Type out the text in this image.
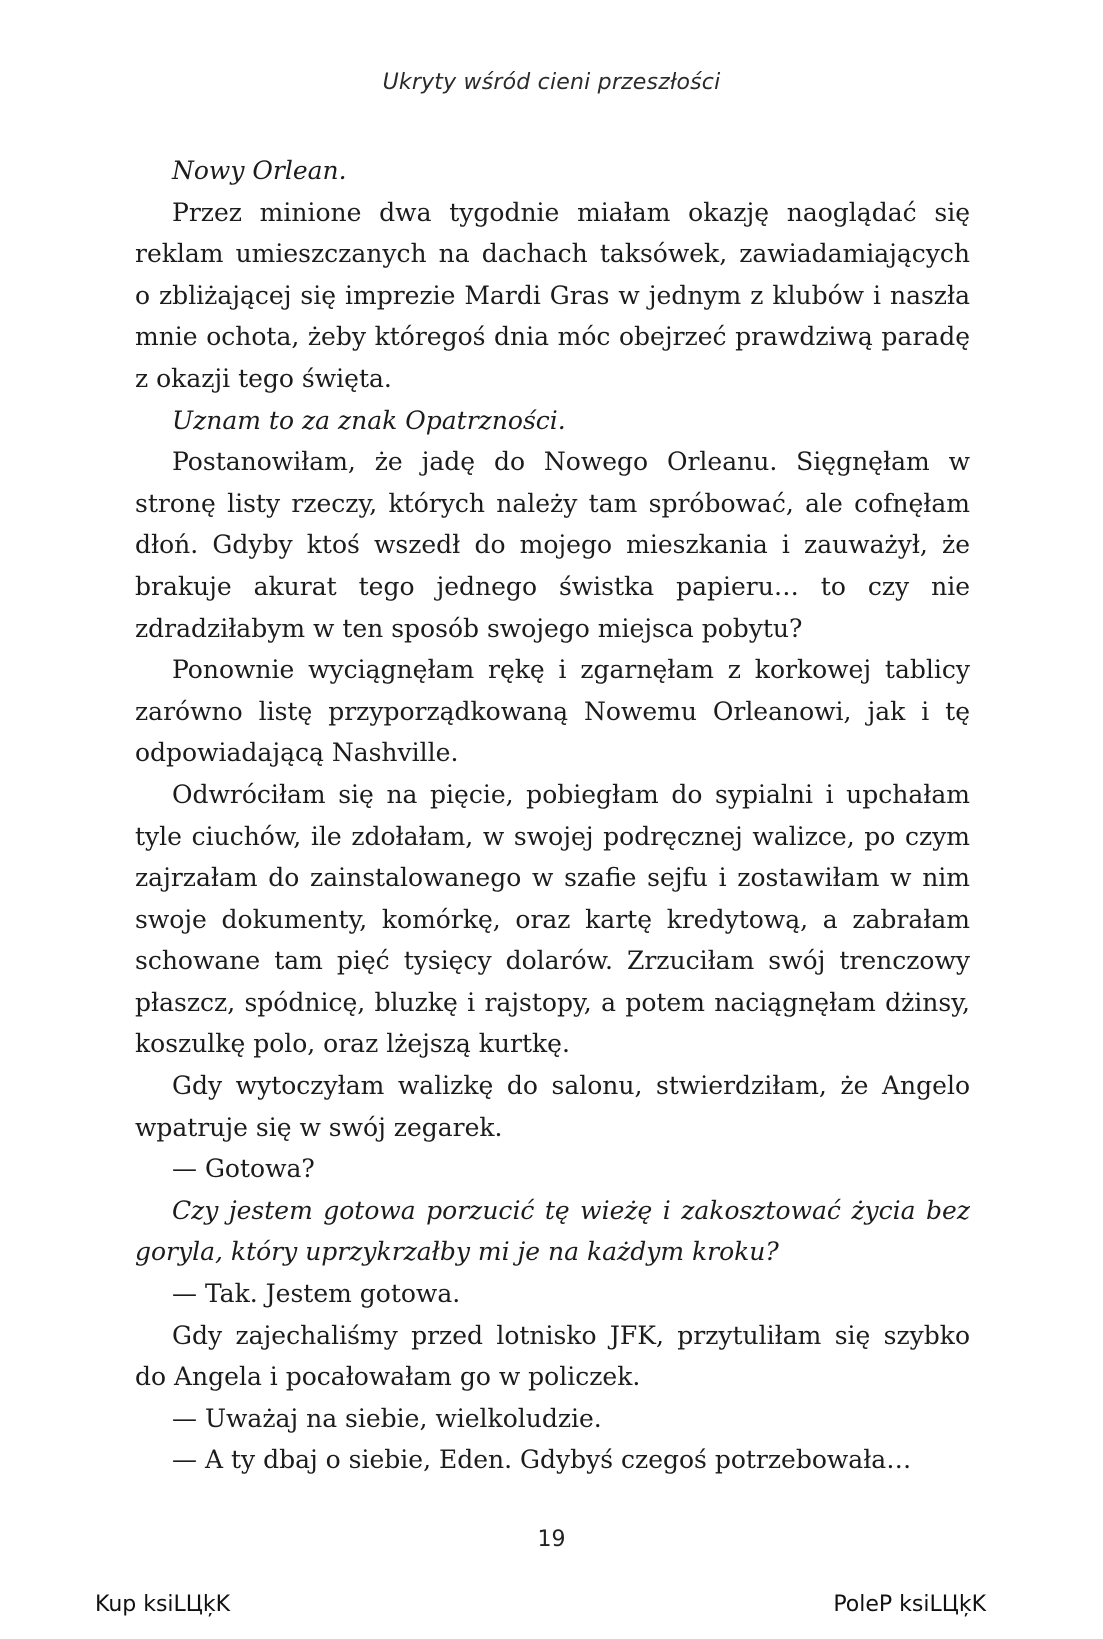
Ukryty wśród cieni przeszłości

Nowy Orlean.

Przez minione dwa tygodnie miałam okazję naoglądać się reklam umieszczanych na dachach taksówek, zawiadamiających o zbliżającej się imprezie Mardi Gras w jednym z klubów i naszła mnie ochota, żeby któregoś dnia móc obejrzeć prawdziwą paradę z okazji tego święta.

Uznam to za znak Opatrzności.

Postanowiłam, że jadę do Nowego Orleanu. Sięgnęłam w stronę listy rzeczy, których należy tam spróbować, ale cofnęłam dłoń. Gdyby ktoś wszedł do mojego mieszkania i zauważył, że brakuje akurat tego jednego świstka papieru… to czy nie zdradziłabym w ten sposób swojego miejsca pobytu?

Ponownie wyciągnęłam rękę i zgarnęłam z korkowej tablicy zarówno listę przyporządkowaną Nowemu Orleanowi, jak i tę odpowiadającą Nashville.

Odwróciłam się na pięcie, pobiegłam do sypialni i upchałam tyle ciuchów, ile zdołałam, w swojej podręcznej walizce, po czym zajrzałam do zainstalowanego w szafie sejfu i zostawiłam w nim swoje dokumenty, komórkę, oraz kartę kredytową, a zabrałam schowane tam pięć tysięcy dolarów. Zrzuciłam swój trenczowy płaszcz, spódnicę, bluzkę i rajstopy, a potem naciągnęłam dżinsy, koszulkę polo, oraz lżejszą kurtkę.

Gdy wytoczyłam walizkę do salonu, stwierdziłam, że Angelo wpatruje się w swój zegarek.

— Gotowa?

Czy jestem gotowa porzucić tę wieżę i zakosztować życia bez goryla, który uprzykrzałby mi je na każdym kroku?

— Tak. Jestem gotowa.

Gdy zajechaliśmy przed lotnisko JFK, przytuliłam się szybko do Angela i pocałowałam go w policzek.

— Uważaj na siebie, wielkoludzie.

— A ty dbaj o siebie, Eden. Gdybyś czegoś potrzebowała…

19
Kup ksiLЦķK	PoleP ksiLЦķK
